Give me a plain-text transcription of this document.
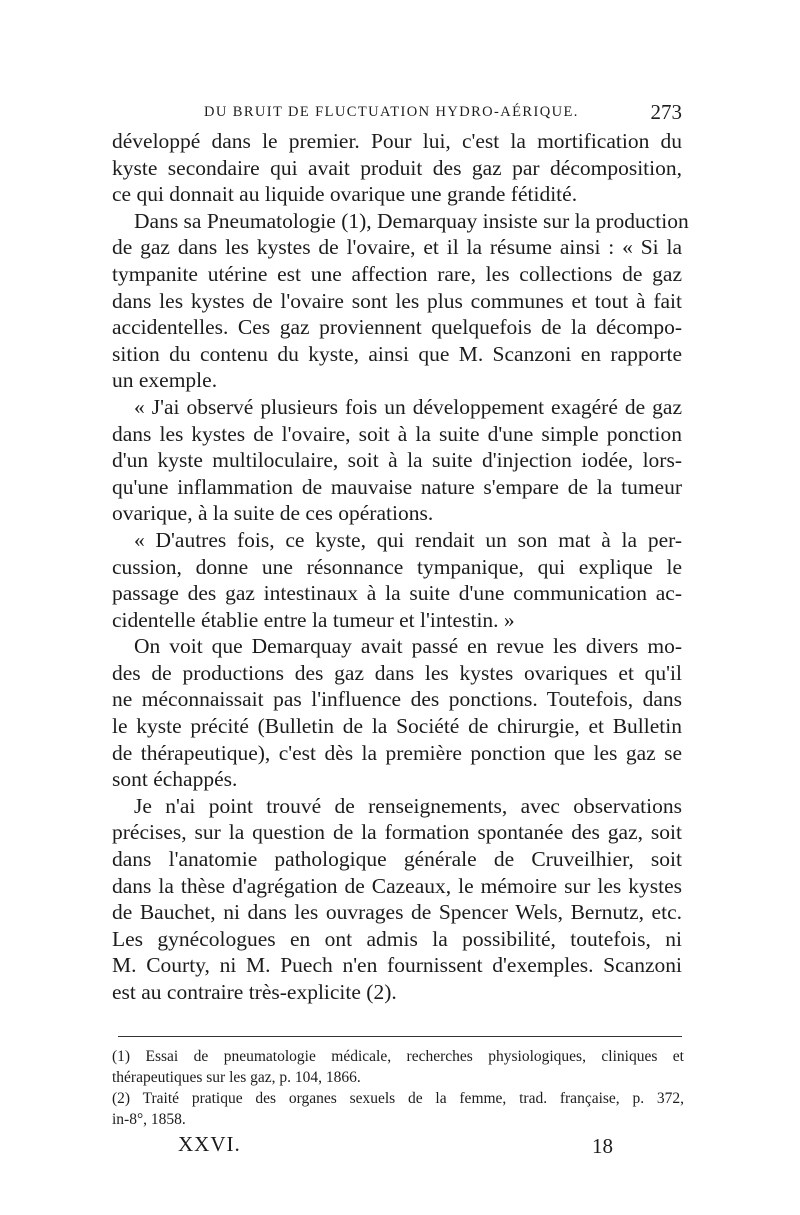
DU BRUIT DE FLUCTUATION HYDRO-AÉRIQUE.	273
développé dans le premier. Pour lui, c'est la mortification du
kyste secondaire qui avait produit des gaz par décomposition,
ce qui donnait au liquide ovarique une grande fétidité.
Dans sa Pneumatologie (1), Demarquay insiste sur la production
de gaz dans les kystes de l'ovaire, et il la résume ainsi : « Si la
tympanite utérine est une affection rare, les collections de gaz
dans les kystes de l'ovaire sont les plus communes et tout à fait
accidentelles. Ces gaz proviennent quelquefois de la décompo-
sition du contenu du kyste, ainsi que M. Scanzoni en rapporte
un exemple.
« J'ai observé plusieurs fois un développement exagéré de gaz
dans les kystes de l'ovaire, soit à la suite d'une simple ponction
d'un kyste multiloculaire, soit à la suite d'injection iodée, lors-
qu'une inflammation de mauvaise nature s'empare de la tumeur
ovarique, à la suite de ces opérations.
« D'autres fois, ce kyste, qui rendait un son mat à la per-
cussion, donne une résonnance tympanique, qui explique le
passage des gaz intestinaux à la suite d'une communication ac-
cidentelle établie entre la tumeur et l'intestin. »
On voit que Demarquay avait passé en revue les divers mo-
des de productions des gaz dans les kystes ovariques et qu'il
ne méconnaissait pas l'influence des ponctions. Toutefois, dans
le kyste précité (Bulletin de la Société de chirurgie, et Bulletin
de thérapeutique), c'est dès la première ponction que les gaz se
sont échappés.
Je n'ai point trouvé de renseignements, avec observations
précises, sur la question de la formation spontanée des gaz, soit
dans l'anatomie pathologique générale de Cruveilhier, soit
dans la thèse d'agrégation de Cazeaux, le mémoire sur les kystes
de Bauchet, ni dans les ouvrages de Spencer Wels, Bernutz, etc.
Les gynécologues en ont admis la possibilité, toutefois, ni
M. Courty, ni M. Puech n'en fournissent d'exemples. Scanzoni
est au contraire très-explicite (2).
(1) Essai de pneumatologie médicale, recherches physiologiques, cliniques et
thérapeutiques sur les gaz, p. 104, 1866.
(2) Traité pratique des organes sexuels de la femme, trad. française, p. 372,
in-8°, 1858.
XXVI.	18
